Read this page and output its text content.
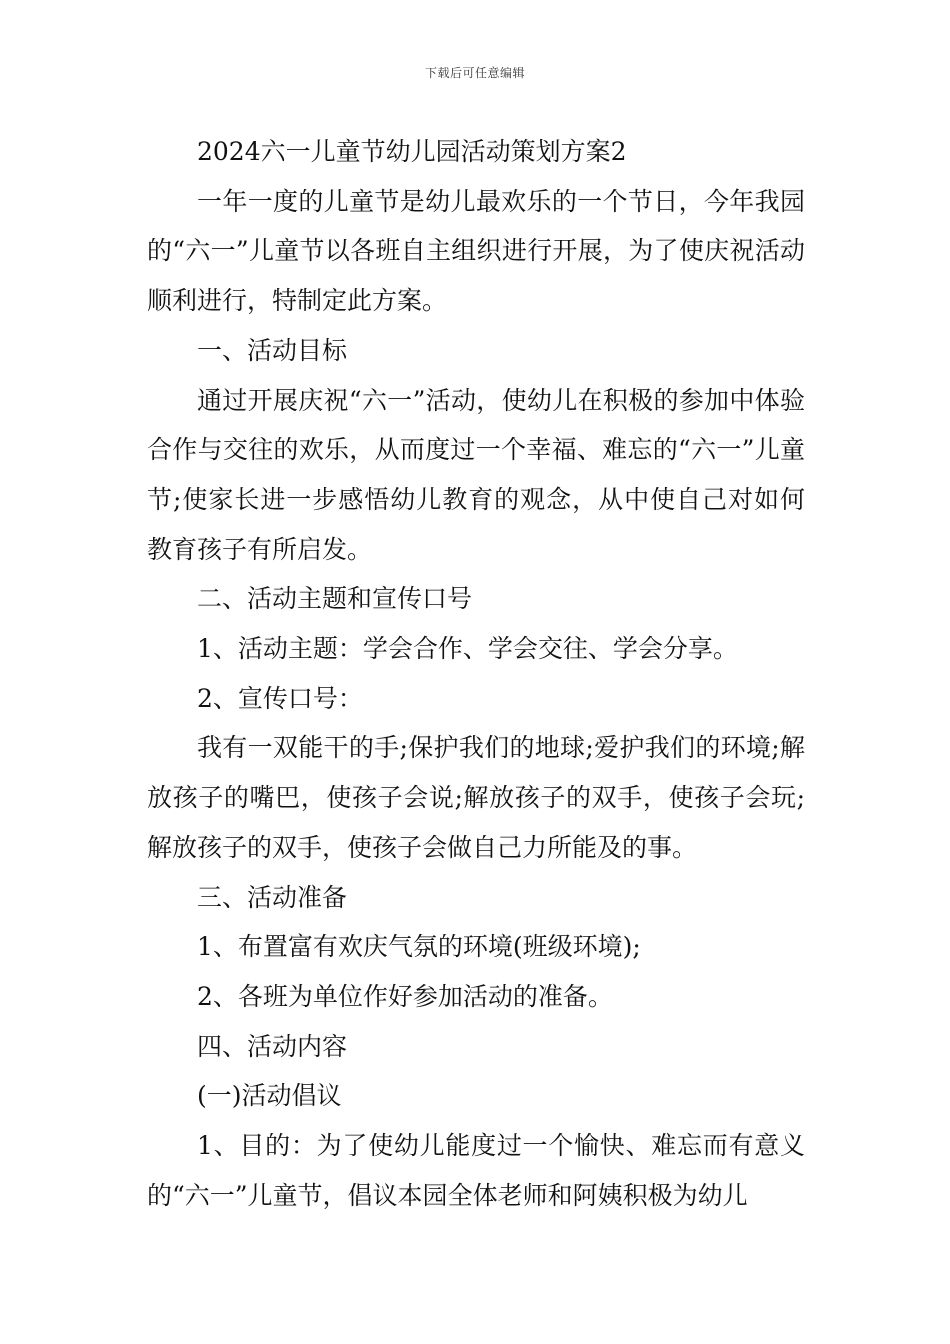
下载后可任意编辑

2024六一儿童节幼儿园活动策划方案2

一年一度的儿童节是幼儿最欢乐的一个节日，今年我园的“六一”儿童节以各班自主组织进行开展，为了使庆祝活动顺利进行，特制定此方案。

一、活动目标

通过开展庆祝“六一”活动，使幼儿在积极的参加中体验合作与交往的欢乐，从而度过一个幸福、难忘的“六一”儿童节;使家长进一步感悟幼儿教育的观念，从中使自己对如何教育孩子有所启发。

二、活动主题和宣传口号

1、活动主题：学会合作、学会交往、学会分享。

2、宣传口号：

我有一双能干的手;保护我们的地球;爱护我们的环境;解放孩子的嘴巴，使孩子会说;解放孩子的双手，使孩子会玩;解放孩子的双手，使孩子会做自己力所能及的事。

三、活动准备

1、布置富有欢庆气氛的环境(班级环境);

2、各班为单位作好参加活动的准备。

四、活动内容

(一)活动倡议

1、目的：为了使幼儿能度过一个愉快、难忘而有意义的“六一”儿童节，倡议本园全体老师和阿姨积极为幼儿
